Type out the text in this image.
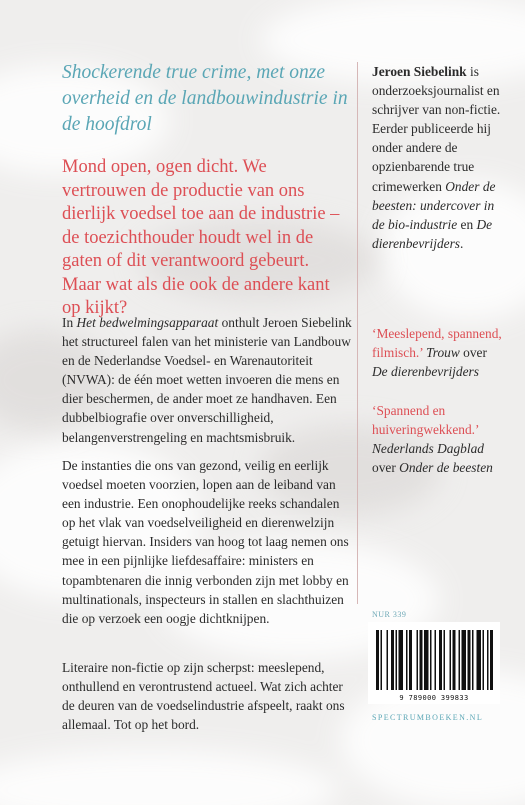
Shockerende true crime, met onze overheid en de landbouwindustrie in de hoofdrol

Mond open, ogen dicht. We vertrouwen de productie van ons dierlijk voedsel toe aan de industrie – de toezichthouder houdt wel in de gaten of dit verantwoord gebeurt. Maar wat als die ook de andere kant op kijkt?

In Het bedwelmingsapparaat onthult Jeroen Siebelink het structureel falen van het ministerie van Landbouw en de Nederlandse Voedsel- en Warenautoriteit (NVWA): de één moet wetten invoeren die mens en dier beschermen, de ander moet ze handhaven. Een dubbelbiografie over onverschilligheid, belangenverstrengeling en machtsmisbruik.

De instanties die ons van gezond, veilig en eerlijk voedsel moeten voorzien, lopen aan de leiband van een industrie. Een onophoudelijke reeks schandalen op het vlak van voedselveiligheid en dierenwelzijn getuigt hiervan. Insiders van hoog tot laag nemen ons mee in een pijnlijke liefdesaffaire: ministers en topambtenaren die innig verbonden zijn met lobby en multinationals, inspecteurs in stallen en slachthuizen die op verzoek een oogje dichtknijpen.

Literaire non-fictie op zijn scherpst: meeslepend, onthullend en verontrustend actueel. Wat zich achter de deuren van de voedselindustrie afspeelt, raakt ons allemaal. Tot op het bord.

Jeroen Siebelink is onderzoeksjournalist en schrijver van non-fictie. Eerder publiceerde hij onder andere de opzienbarende true crimewerken Onder de beesten: undercover in de bio-industrie en De dierenbevrijders.

‘Meeslepend, spannend, filmisch.’ Trouw over De dierenbevrijders

‘Spannend en huiveringwekkend.’ Nederlands Dagblad over Onder de beesten

NUR 339
9 789000 399833
SPECTRUMBOEKEN.NL
